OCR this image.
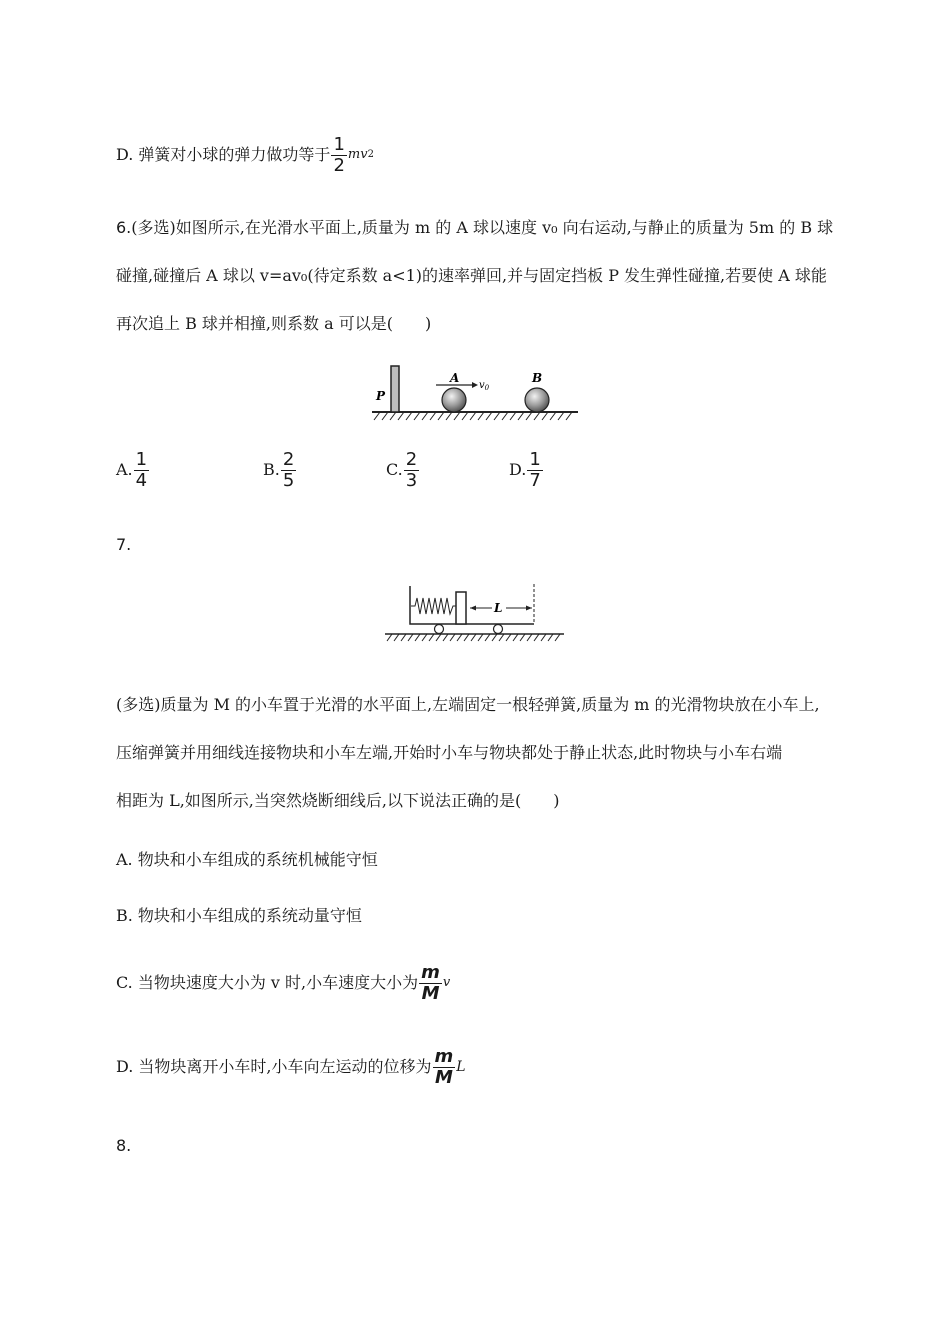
D. 弹簧对小球的弹力做功等于 $\frac{1}{2}$ m v 2
6.(多选)如图所示,在光滑水平面上,质量为 m 的 A 球以速度 v₀ 向右运动,与静止的质量为 5m 的 B 球
碰撞,碰撞后 A 球以 v=av₀(待定系数 a<1)的速率弹回,并与固定挡板 P 发生弹性碰撞,若要使 A 球能
再次追上 B 球并相撞,则系数 a 可以是(　　)
P
A
$v_0$
B
A. $\frac{1}{4}$	B. $\frac{2}{5}$	C. $\frac{2}{3}$	D. $\frac{1}{7}$
7.
L
(多选)质量为 M 的小车置于光滑的水平面上,左端固定一根轻弹簧,质量为 m 的光滑物块放在小车上,
压缩弹簧并用细线连接物块和小车左端,开始时小车与物块都处于静止状态,此时物块与小车右端
相距为 L,如图所示,当突然烧断细线后,以下说法正确的是(　　)
A. 物块和小车组成的系统机械能守恒
B. 物块和小车组成的系统动量守恒
C. 当物块速度大小为 v 时,小车速度大小为 $\frac{m}{M}$ v
D. 当物块离开小车时,小车向左运动的位移为 $\frac{m}{M}$ L
8.
